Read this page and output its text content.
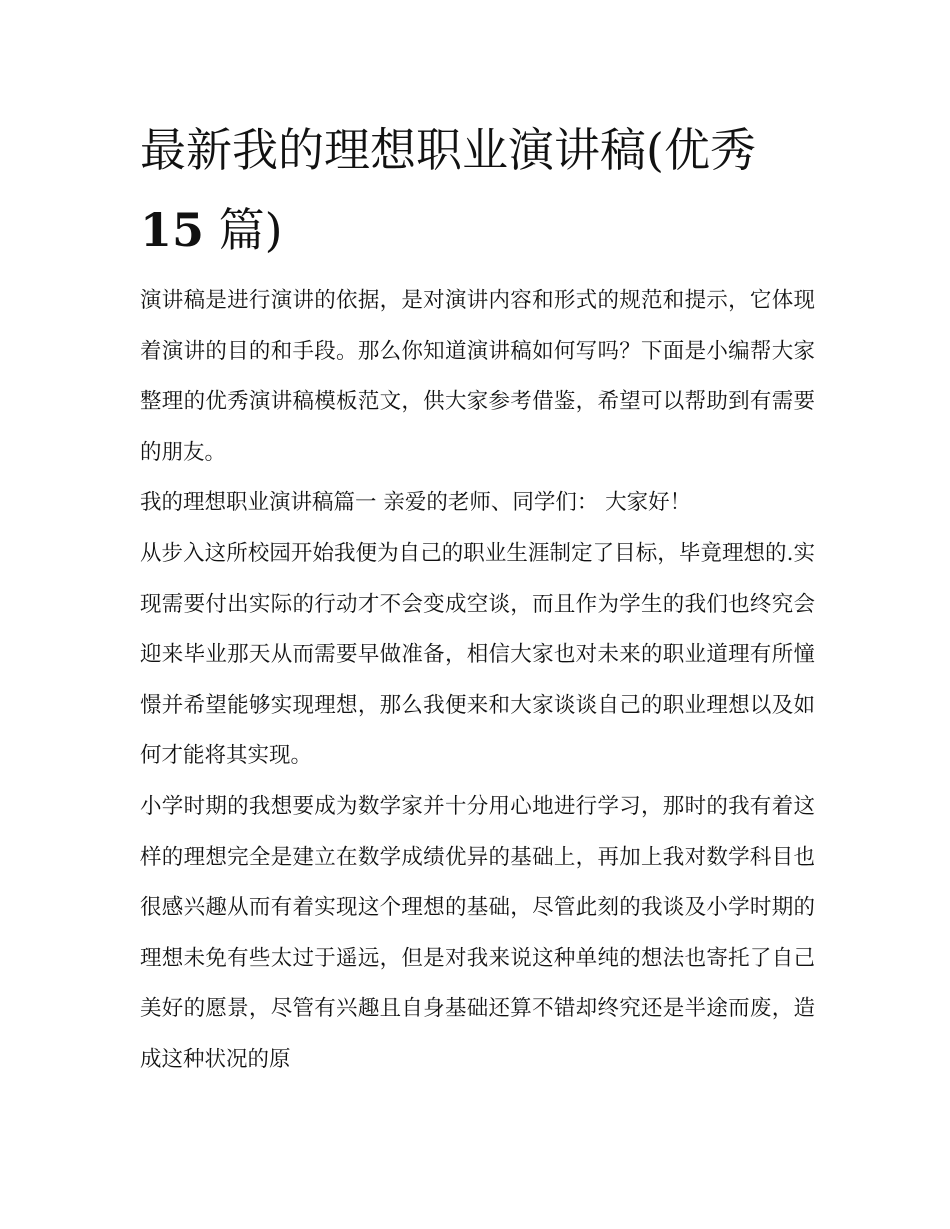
最新我的理想职业演讲稿(优秀
15 篇)

演讲稿是进行演讲的依据，是对演讲内容和形式的规范和提示，它体现着演讲的目的和手段。那么你知道演讲稿如何写吗？下面是小编帮大家整理的优秀演讲稿模板范文，供大家参考借鉴，希望可以帮助到有需要的朋友。

我的理想职业演讲稿篇一 亲爱的老师、同学们： 大家好！

从步入这所校园开始我便为自己的职业生涯制定了目标，毕竟理想的.实现需要付出实际的行动才不会变成空谈，而且作为学生的我们也终究会迎来毕业那天从而需要早做准备，相信大家也对未来的职业道理有所憧憬并希望能够实现理想，那么我便来和大家谈谈自己的职业理想以及如何才能将其实现。

小学时期的我想要成为数学家并十分用心地进行学习，那时的我有着这样的理想完全是建立在数学成绩优异的基础上，再加上我对数学科目也很感兴趣从而有着实现这个理想的基础，尽管此刻的我谈及小学时期的理想未免有些太过于遥远，但是对我来说这种单纯的想法也寄托了自己美好的愿景，尽管有兴趣且自身基础还算不错却终究还是半途而废，造成这种状况的原
